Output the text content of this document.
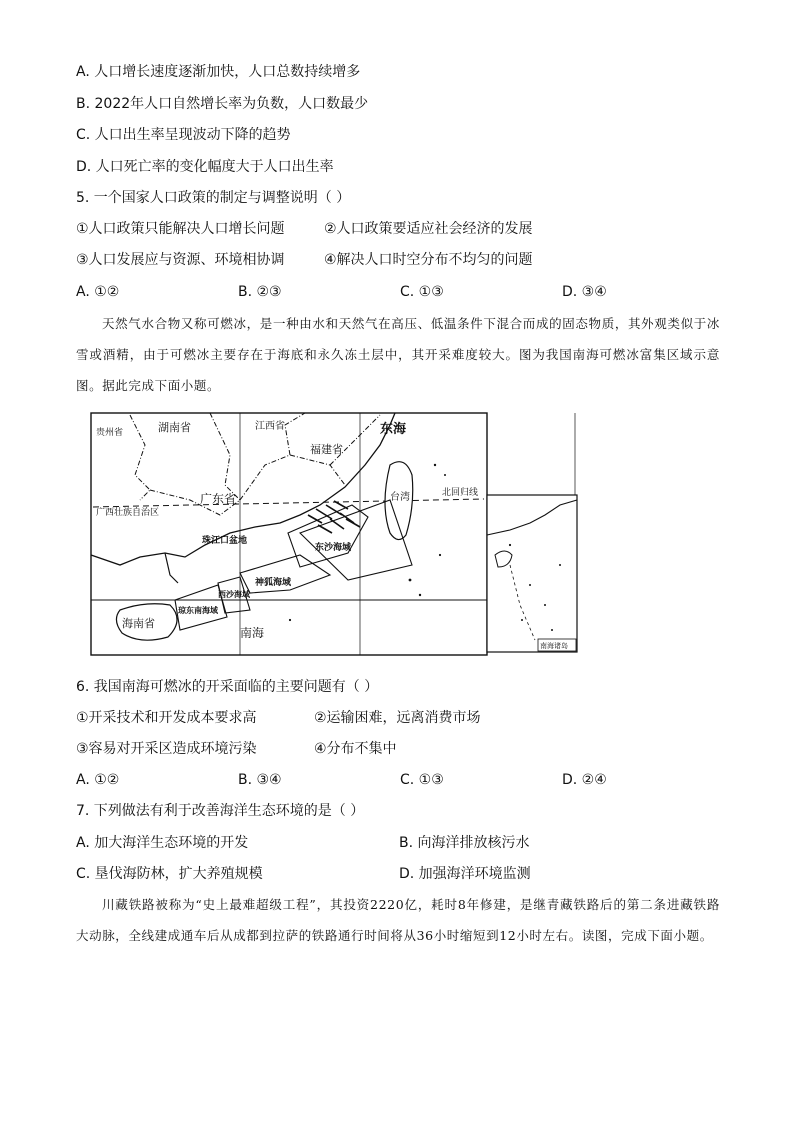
A. 人口增长速度逐渐加快，人口总数持续增多
B. 2022年人口自然增长率为负数，人口数最少
C. 人口出生率呈现波动下降的趋势
D. 人口死亡率的变化幅度大于人口出生率
5. 一个国家人口政策的制定与调整说明（ ）
①人口政策只能解决人口增长问题	②人口政策要适应社会经济的发展
③人口发展应与资源、环境相协调	④解决人口时空分布不均匀的问题
A. ①②	B. ②③	C. ①③	D. ③④
天然气水合物又称可燃冰，是一种由水和天然气在高压、低温条件下混合而成的固态物质，其外观类似于冰雪或酒精，由于可燃冰主要存在于海底和永久冻土层中，其开采难度较大。图为我国南海可燃冰富集区域示意图。据此完成下面小题。
贵州省	湖南省	江西省
福建省
东海
广西壮族自治区
广东省	台湾	北回归线
珠江口盆地
东沙海域
神狐海域
西沙海域
琼东南海域
海南省
南海
南海诸岛
6. 我国南海可燃冰的开采面临的主要问题有（ ）
①开采技术和开发成本要求高	②运输困难，远离消费市场
③容易对开采区造成环境污染	④分布不集中
A. ①②	B. ③④	C. ①③	D. ②④
7. 下列做法有利于改善海洋生态环境的是（ ）
A. 加大海洋生态环境的开发	B. 向海洋排放核污水
C. 垦伐海防林，扩大养殖规模	D. 加强海洋环境监测
川藏铁路被称为“史上最难超级工程”，其投资2220亿，耗时8年修建，是继青藏铁路后的第二条进藏铁路大动脉，全线建成通车后从成都到拉萨的铁路通行时间将从36小时缩短到12小时左右。读图，完成下面小题。
